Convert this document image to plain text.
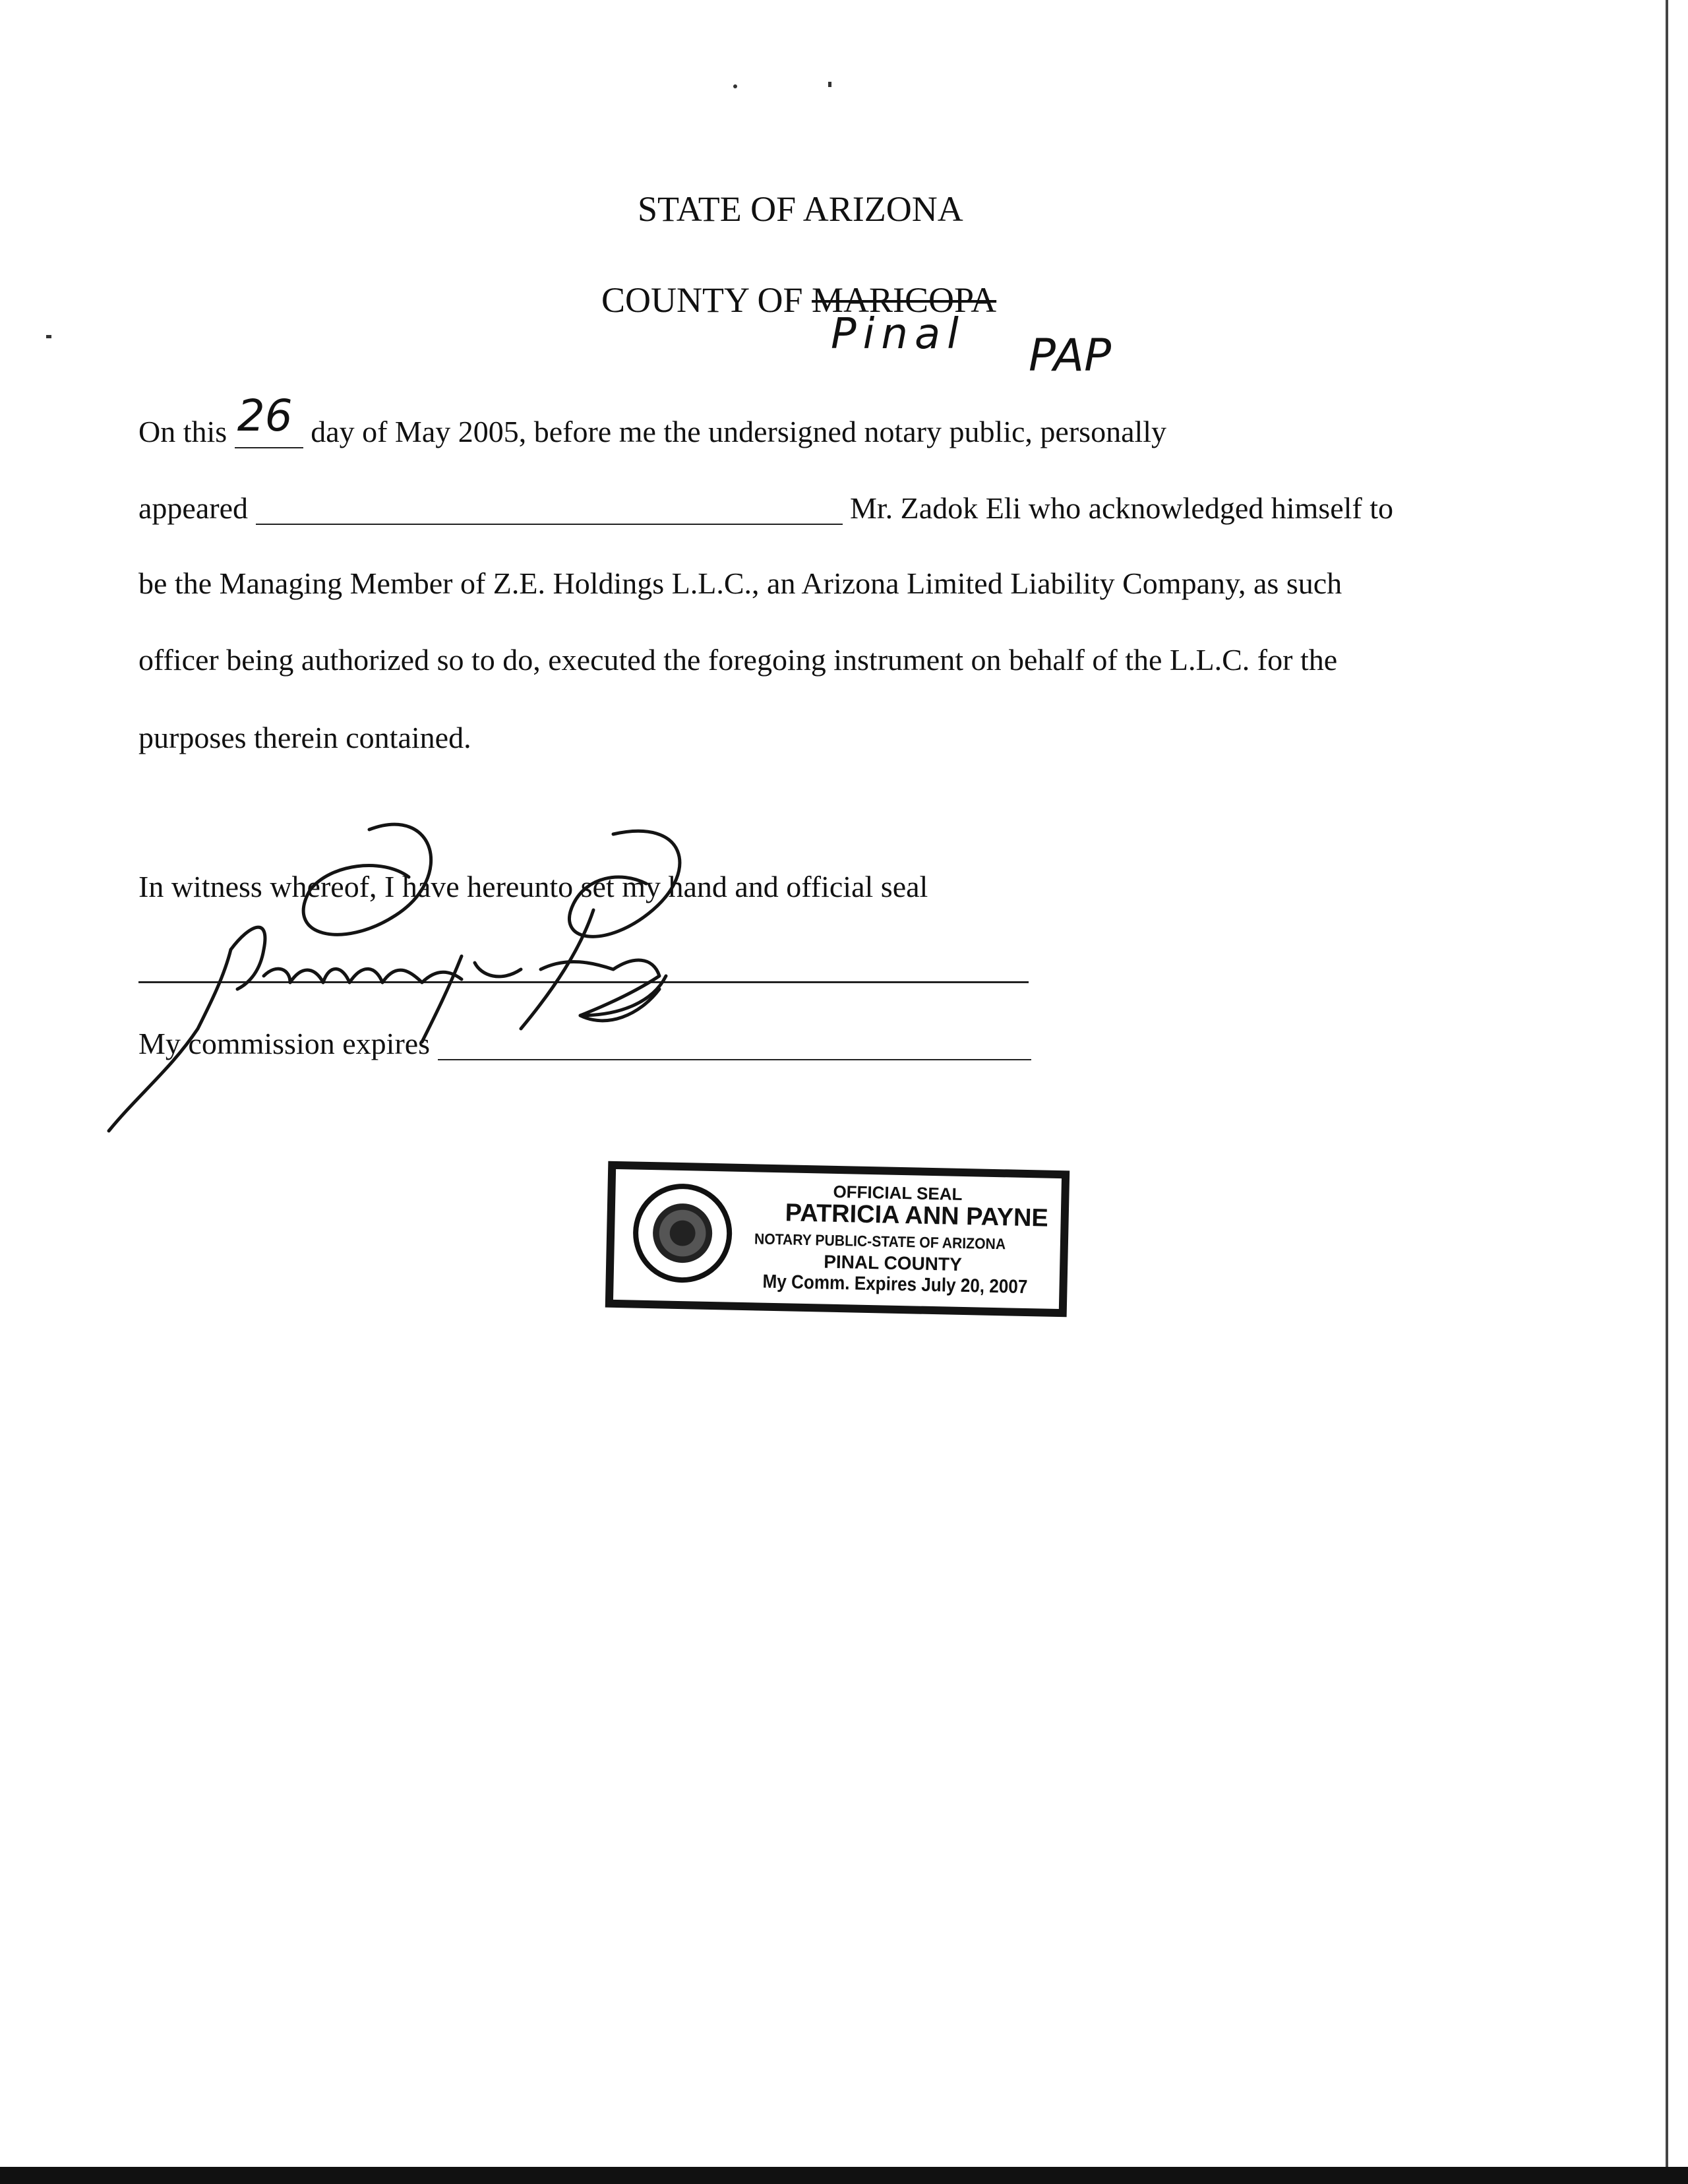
STATE OF ARIZONA
COUNTY OF MARICOPA
Pinal PAP
On this 26 day of May 2005, before me the undersigned notary public, personally
appeared	Mr. Zadok Eli who acknowledged himself to
be the Managing Member of Z.E. Holdings L.L.C., an Arizona Limited Liability Company, as such
officer being authorized so to do, executed the foregoing instrument on behalf of the L.L.C. for the
purposes therein contained.
In witness whereof, I have hereunto set my hand and official seal
My commission expires
OFFICIAL SEAL
PATRICIA ANN PAYNE
NOTARY PUBLIC-STATE OF ARIZONA
PINAL COUNTY
My Comm. Expires July 20, 2007
